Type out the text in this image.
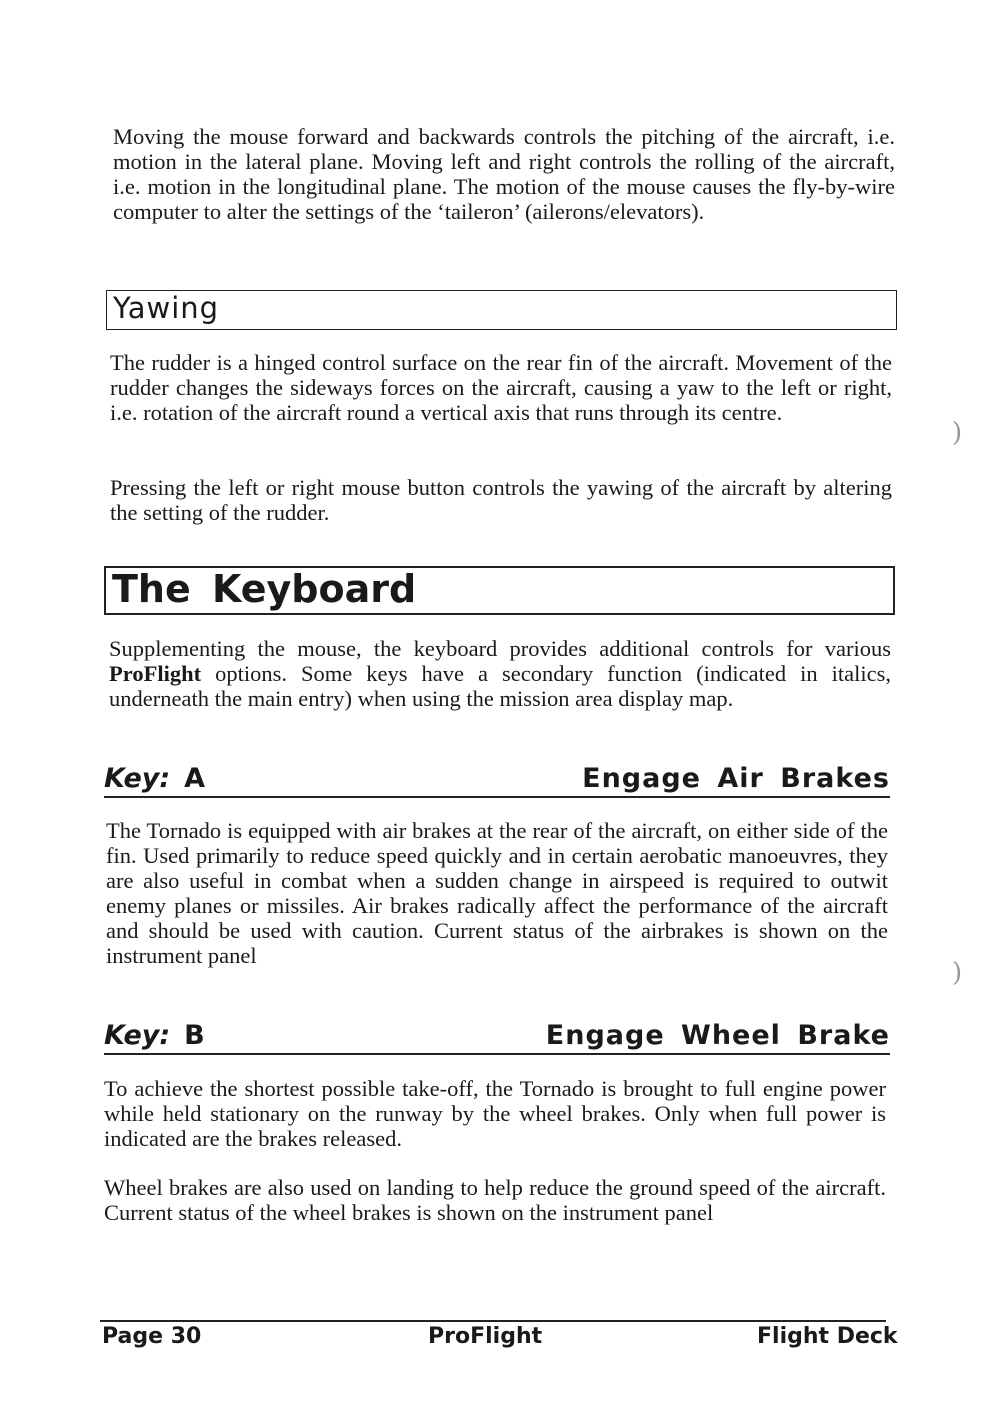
Moving the mouse forward and backwards controls the pitching of the aircraft, i.e. motion in the lateral plane. Moving left and right controls the rolling of the aircraft, i.e. motion in the longitudinal plane. The motion of the mouse causes the fly-by-wire computer to alter the settings of the ‘taileron’ (ailerons/elevators).

Yawing

The rudder is a hinged control surface on the rear fin of the aircraft. Movement of the rudder changes the sideways forces on the aircraft, causing a yaw to the left or right, i.e. rotation of the aircraft round a vertical axis that runs through its centre.

Pressing the left or right mouse button controls the yawing of the aircraft by altering the setting of the rudder.

The Keyboard

Supplementing the mouse, the keyboard provides additional controls for various ProFlight options. Some keys have a secondary function (indicated in italics, underneath the main entry) when using the mission area display map.

Key: A	Engage Air Brakes

The Tornado is equipped with air brakes at the rear of the aircraft, on either side of the fin. Used primarily to reduce speed quickly and in certain aerobatic manoeuvres, they are also useful in combat when a sudden change in airspeed is required to outwit enemy planes or missiles. Air brakes radically affect the performance of the aircraft and should be used with caution. Current status of the airbrakes is shown on the instrument panel

Key: B	Engage Wheel Brake

To achieve the shortest possible take-off, the Tornado is brought to full engine power while held stationary on the runway by the wheel brakes. Only when full power is indicated are the brakes released.

Wheel brakes are also used on landing to help reduce the ground speed of the aircraft. Current status of the wheel brakes is shown on the instrument panel

)
)
Page 30	ProFlight	Flight Deck
